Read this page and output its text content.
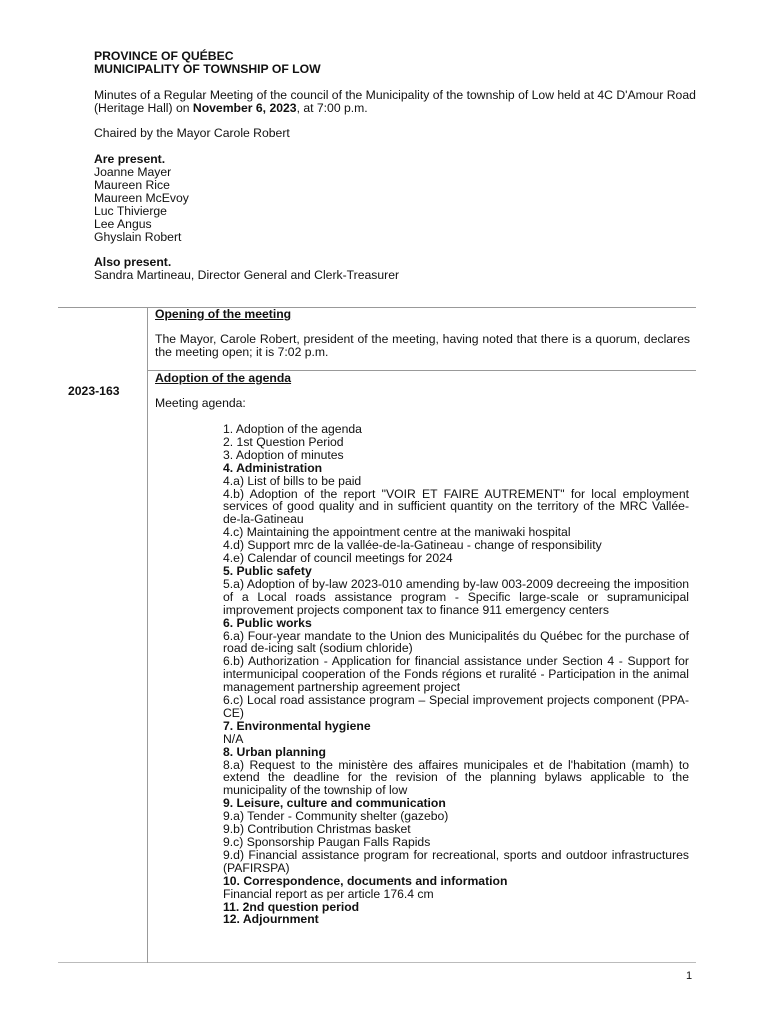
PROVINCE OF QUÉBEC
MUNICIPALITY OF TOWNSHIP OF LOW
Minutes of a Regular Meeting of the council of the Municipality of the township of Low held at 4C D'Amour Road (Heritage Hall) on November 6, 2023, at 7:00 p.m.
Chaired by the Mayor Carole Robert
Are present.
Joanne Mayer
Maureen Rice
Maureen McEvoy
Luc Thivierge
Lee Angus
Ghyslain Robert
Also present.
Sandra Martineau, Director General and Clerk-Treasurer
Opening of the meeting
The Mayor, Carole Robert, president of the meeting, having noted that there is a quorum, declares the meeting open; it is 7:02 p.m.
2023-163
Adoption of the agenda
Meeting agenda:
1. Adoption of the agenda
2. 1st Question Period
3. Adoption of minutes
4. Administration
4.a) List of bills to be paid
4.b) Adoption of the report "VOIR ET FAIRE AUTREMENT" for local employment services of good quality and in sufficient quantity on the territory of the MRC Vallée-de-la-Gatineau
4.c) Maintaining the appointment centre at the maniwaki hospital
4.d) Support mrc de la vallée-de-la-Gatineau - change of responsibility
4.e) Calendar of council meetings for 2024
5. Public safety
5.a) Adoption of by-law 2023-010 amending by-law 003-2009 decreeing the imposition of a Local roads assistance program - Specific large-scale or supramunicipal improvement projects component tax to finance 911 emergency centers
6. Public works
6.a) Four-year mandate to the Union des Municipalités du Québec for the purchase of road de-icing salt (sodium chloride)
6.b) Authorization - Application for financial assistance under Section 4 - Support for intermunicipal cooperation of the Fonds régions et ruralité - Participation in the animal management partnership agreement project
6.c) Local road assistance program – Special improvement projects component (PPA-CE)
7. Environmental hygiene
N/A
8. Urban planning
8.a) Request to the ministère des affaires municipales et de l'habitation (mamh) to extend the deadline for the revision of the planning bylaws applicable to the municipality of the township of low
9. Leisure, culture and communication
9.a) Tender - Community shelter (gazebo)
9.b) Contribution Christmas basket
9.c) Sponsorship Paugan Falls Rapids
9.d) Financial assistance program for recreational, sports and outdoor infrastructures (PAFIRSPA)
10. Correspondence, documents and information
Financial report as per article 176.4 cm
11. 2nd question period
12. Adjournment
1
